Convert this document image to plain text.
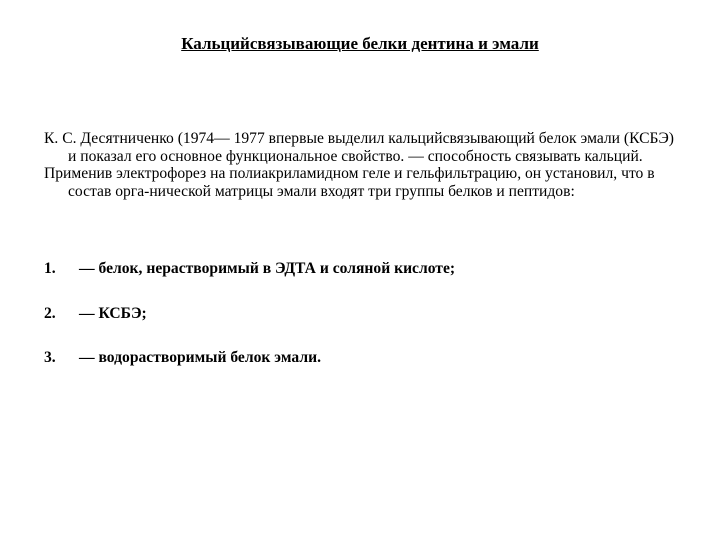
Кальцийсвязывающие белки дентина и эмали

К. С. Десятниченко (1974— 1977 впервые выделил кальцийсвязывающий белок эмали (КСБЭ) и показал его основное функциональное свойство. — способность связывать кальций.

Применив электрофорез на полиакриламидном геле и гельфильтрацию, он установил, что в состав орга-нической матрицы эмали входят три группы белков и пептидов:

1.	— белок, нерастворимый в ЭДТА и соляной кислоте;
2.	— КСБЭ;
3.	— водорастворимый белок эмали.
